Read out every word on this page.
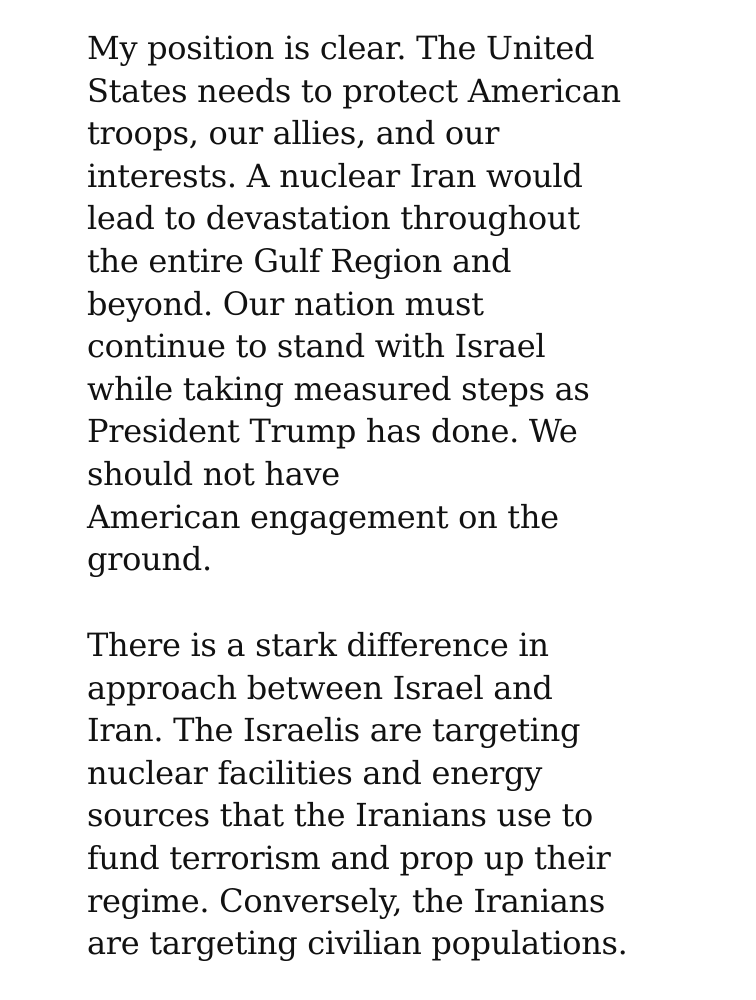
My position is clear. The United
States needs to protect American
troops, our allies, and our
interests. A nuclear Iran would
lead to devastation throughout
the entire Gulf Region and
beyond. Our nation must
continue to stand with Israel
while taking measured steps as
President Trump has done. We
should not have
American engagement on the
ground.
There is a stark difference in
approach between Israel and
Iran. The Israelis are targeting
nuclear facilities and energy
sources that the Iranians use to
fund terrorism and prop up their
regime. Conversely, the Iranians
are targeting civilian populations.
